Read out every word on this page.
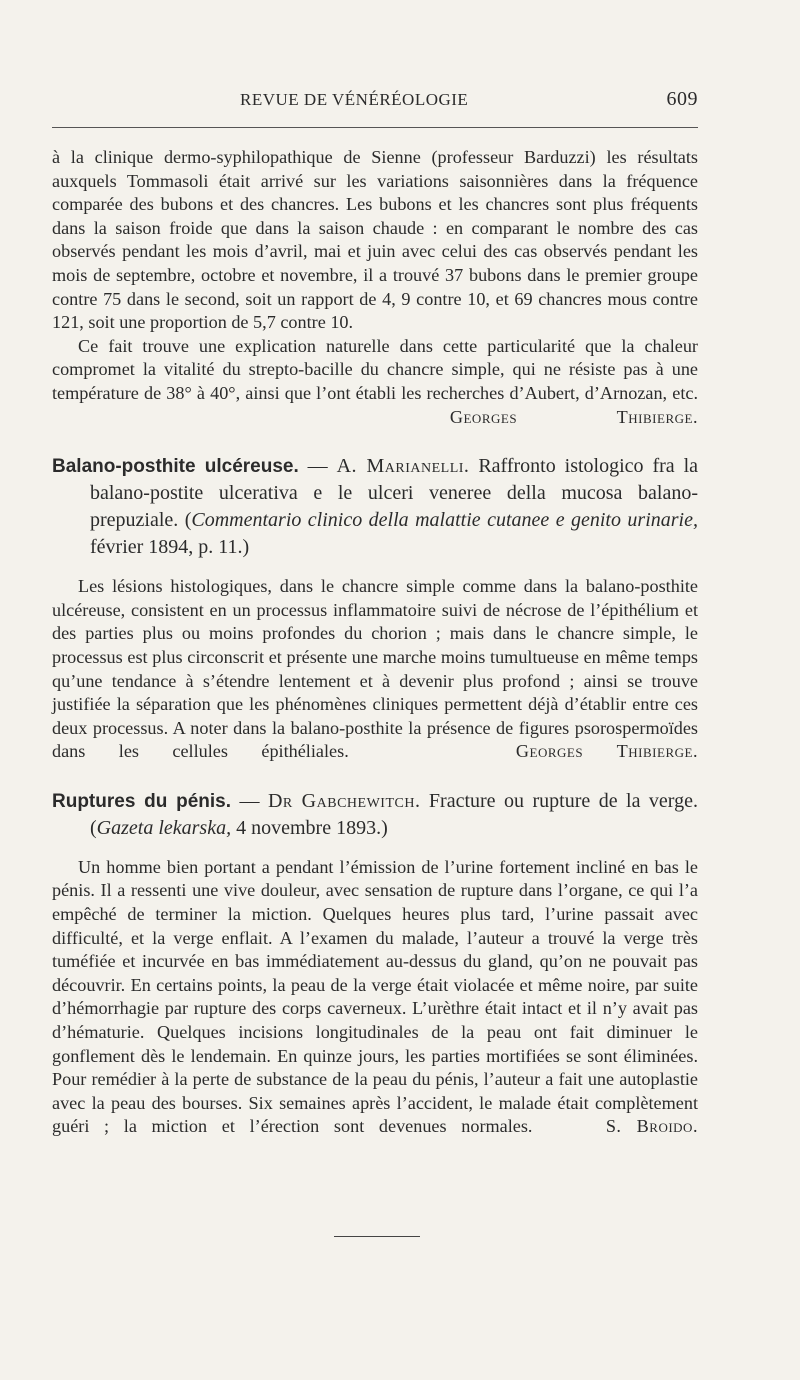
REVUE DE VÉNÉRÉOLOGIE	609

à la clinique dermo-syphilopathique de Sienne (professeur Barduzzi) les résultats auxquels Tommasoli était arrivé sur les variations saisonnières dans la fréquence comparée des bubons et des chancres. Les bubons et les chancres sont plus fréquents dans la saison froide que dans la saison chaude : en comparant le nombre des cas observés pendant les mois d’avril, mai et juin avec celui des cas observés pendant les mois de septembre, octobre et novembre, il a trouvé 37 bubons dans le premier groupe contre 75 dans le second, soit un rapport de 4, 9 contre 10, et 69 chancres mous contre 121, soit une proportion de 5,7 contre 10.

Ce fait trouve une explication naturelle dans cette particularité que la chaleur compromet la vitalité du strepto-bacille du chancre simple, qui ne résiste pas à une température de 38° à 40°, ainsi que l’ont établi les recherches d’Aubert, d’Arnozan, etc.     Georges Thibierge.

Balano-posthite ulcéreuse. — A. Marianelli. Raffronto istologico fra la balano-postite ulcerativa e le ulceri veneree della mucosa balano-prepuziale. (Commentario clinico della malattie cutanee e genito urinarie, février 1894, p. 11.)

Les lésions histologiques, dans le chancre simple comme dans la balano-posthite ulcéreuse, consistent en un processus inflammatoire suivi de nécrose de l’épithélium et des parties plus ou moins profondes du chorion ; mais dans le chancre simple, le processus est plus circonscrit et présente une marche moins tumultueuse en même temps qu’une tendance à s’étendre lentement et à devenir plus profond ; ainsi se trouve justifiée la séparation que les phénomènes cliniques permettent déjà d’établir entre ces deux processus. A noter dans la balano-posthite la présence de figures psorospermoïdes dans les cellules épithéliales.	Georges Thibierge.

Ruptures du pénis. — Dr Gabchewitch. Fracture ou rupture de la verge. (Gazeta lekarska, 4 novembre 1893.)

Un homme bien portant a pendant l’émission de l’urine fortement incliné en bas le pénis. Il a ressenti une vive douleur, avec sensation de rupture dans l’organe, ce qui l’a empêché de terminer la miction. Quelques heures plus tard, l’urine passait avec difficulté, et la verge enflait. A l’examen du malade, l’auteur a trouvé la verge très tuméfiée et incurvée en bas immédiatement au-dessus du gland, qu’on ne pouvait pas découvrir. En certains points, la peau de la verge était violacée et même noire, par suite d’hémorrhagie par rupture des corps caverneux. L’urèthre était intact et il n’y avait pas d’hématurie. Quelques incisions longitudinales de la peau ont fait diminuer le gonflement dès le lendemain. En quinze jours, les parties mortifiées se sont éliminées. Pour remédier à la perte de substance de la peau du pénis, l’auteur a fait une autoplastie avec la peau des bourses. Six semaines après l’accident, le malade était complètement guéri ; la miction et l’érection sont devenues normales.	S. Broido.
